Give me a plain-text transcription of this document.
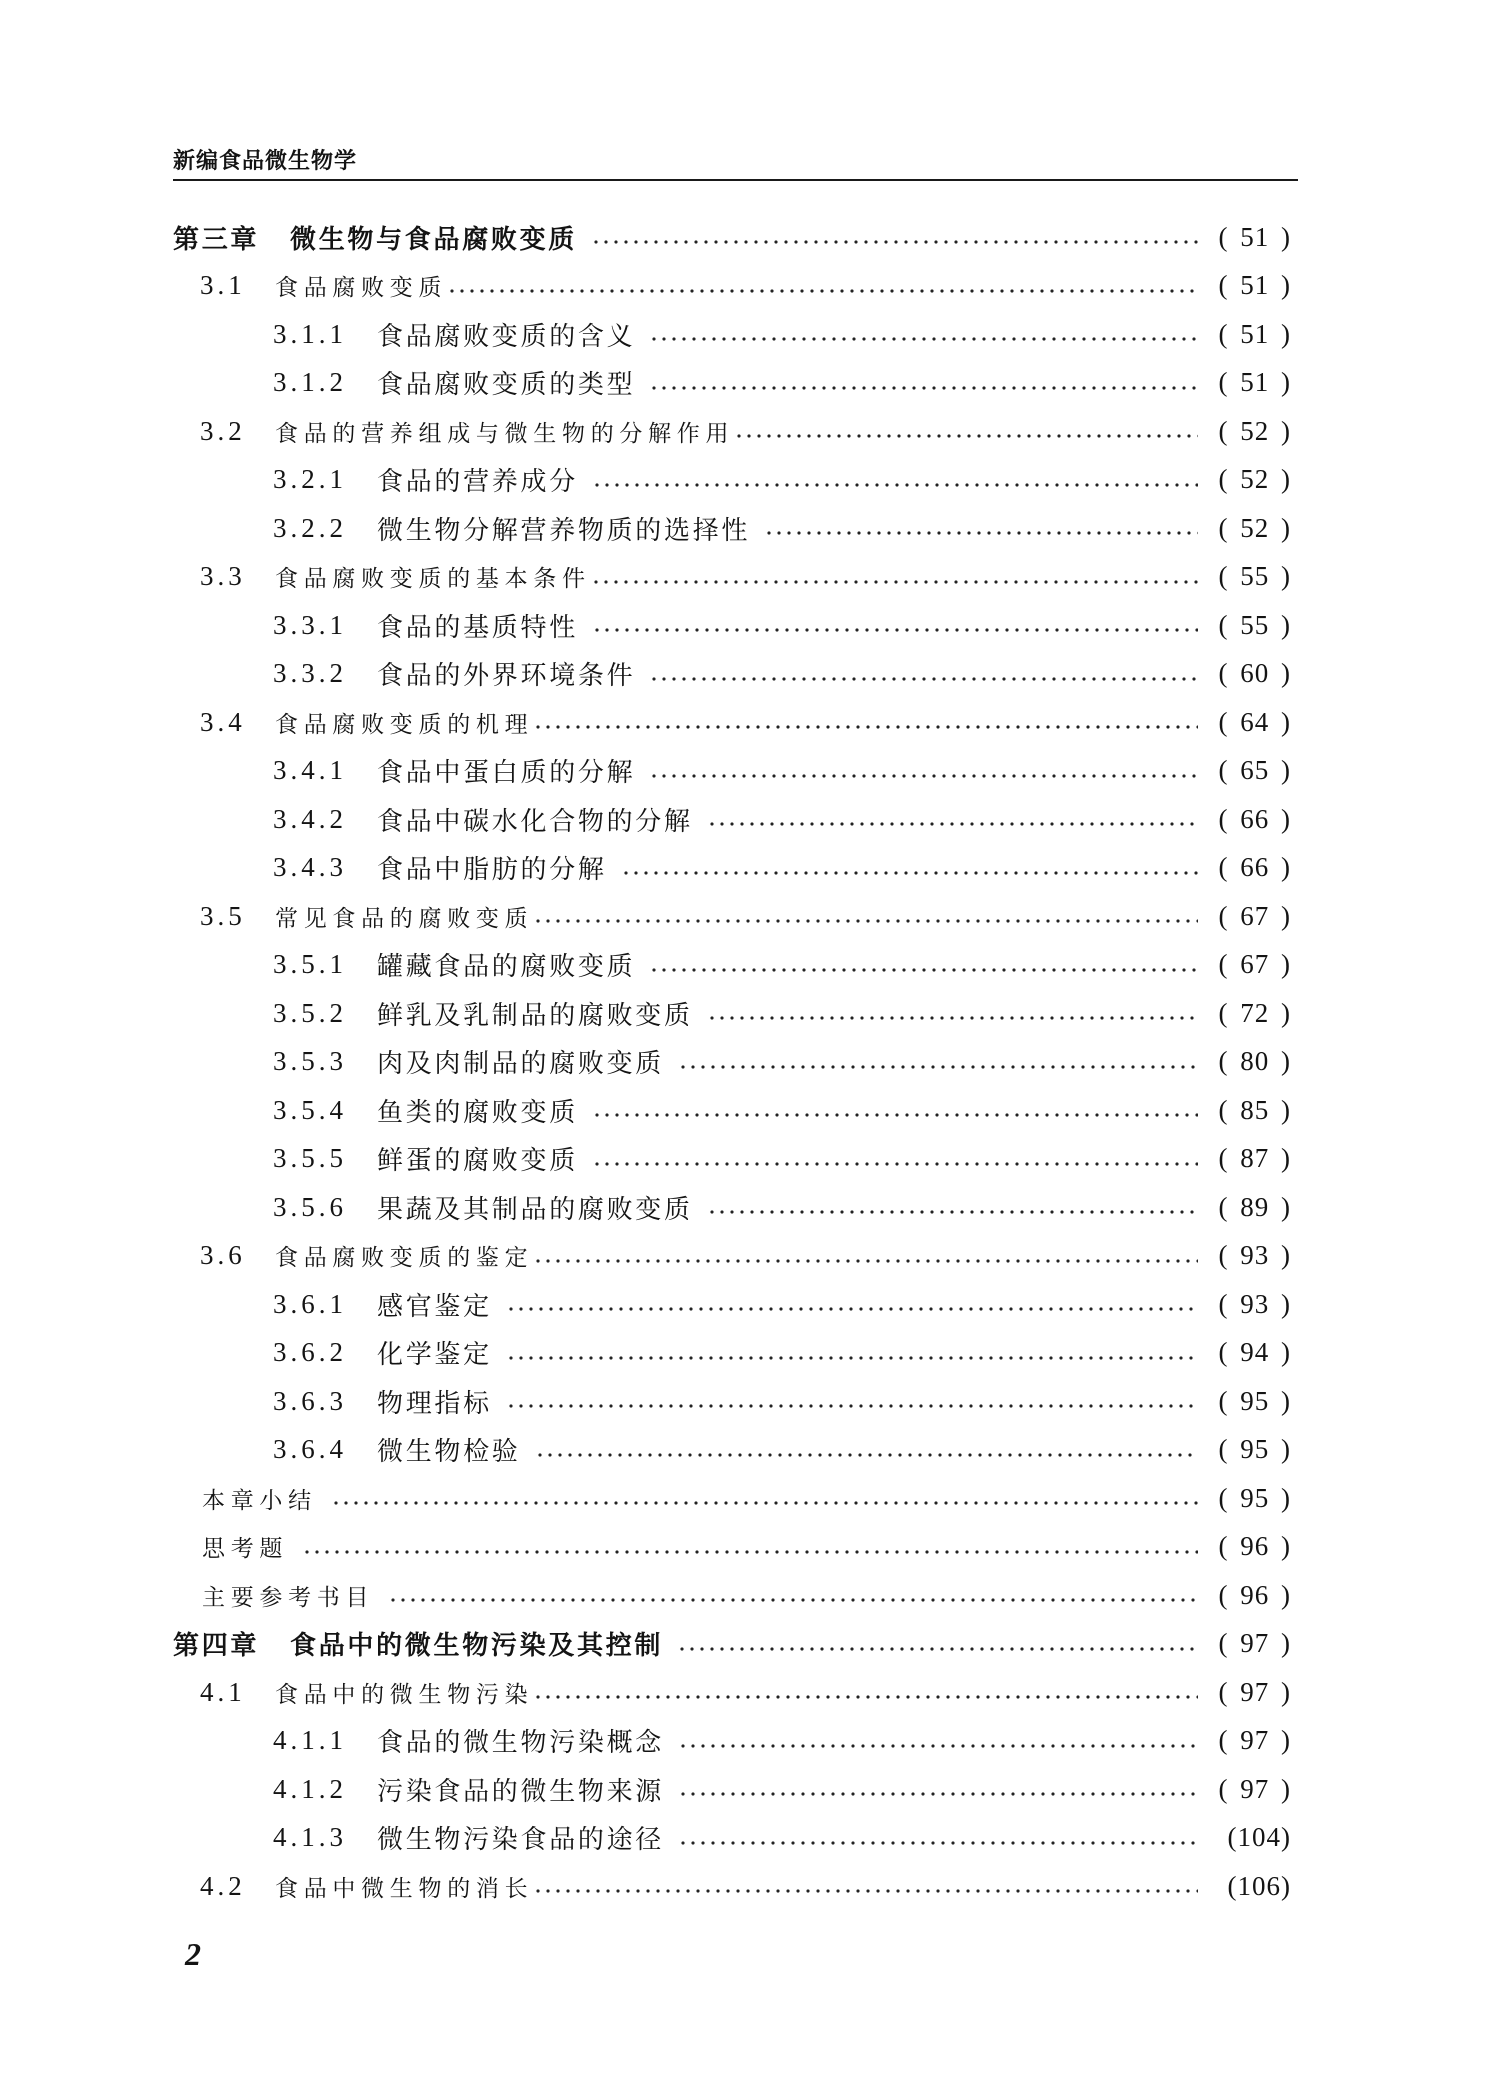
新编食品微生物学
第三章	微生物与食品腐败变质	( 51 )
3.1	食品腐败变质	( 51 )
3.1.1	食品腐败变质的含义	( 51 )
3.1.2	食品腐败变质的类型	( 51 )
3.2	食品的营养组成与微生物的分解作用	( 52 )
3.2.1	食品的营养成分	( 52 )
3.2.2	微生物分解营养物质的选择性	( 52 )
3.3	食品腐败变质的基本条件	( 55 )
3.3.1	食品的基质特性	( 55 )
3.3.2	食品的外界环境条件	( 60 )
3.4	食品腐败变质的机理	( 64 )
3.4.1	食品中蛋白质的分解	( 65 )
3.4.2	食品中碳水化合物的分解	( 66 )
3.4.3	食品中脂肪的分解	( 66 )
3.5	常见食品的腐败变质	( 67 )
3.5.1	罐藏食品的腐败变质	( 67 )
3.5.2	鲜乳及乳制品的腐败变质	( 72 )
3.5.3	肉及肉制品的腐败变质	( 80 )
3.5.4	鱼类的腐败变质	( 85 )
3.5.5	鲜蛋的腐败变质	( 87 )
3.5.6	果蔬及其制品的腐败变质	( 89 )
3.6	食品腐败变质的鉴定	( 93 )
3.6.1	感官鉴定	( 93 )
3.6.2	化学鉴定	( 94 )
3.6.3	物理指标	( 95 )
3.6.4	微生物检验	( 95 )
本章小结	( 95 )
思考题	( 96 )
主要参考书目	( 96 )
第四章	食品中的微生物污染及其控制	( 97 )
4.1	食品中的微生物污染	( 97 )
4.1.1	食品的微生物污染概念	( 97 )
4.1.2	污染食品的微生物来源	( 97 )
4.1.3	微生物污染食品的途径	(104)
4.2	食品中微生物的消长	(106)
2
